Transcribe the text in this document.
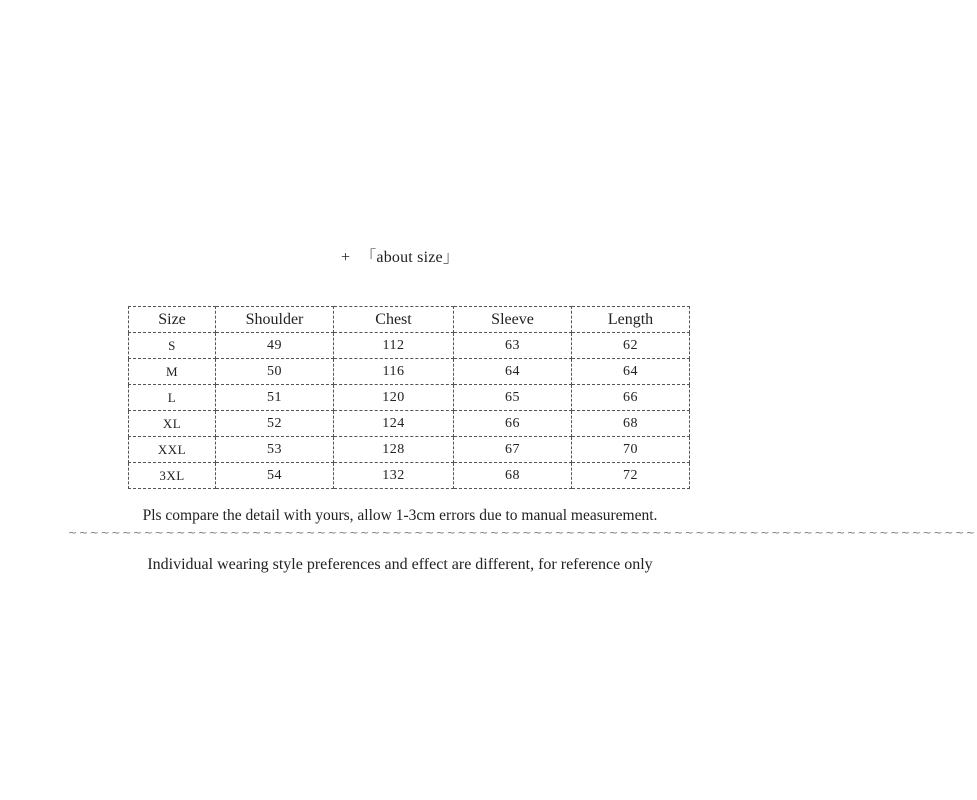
+ 「about size」
Size	Shoulder	Chest	Sleeve	Length
S	49	112	63	62
M	50	116	64	64
L	51	120	65	66
XL	52	124	66	68
XXL	53	128	67	70
3XL	54	132	68	72
Pls compare the detail with yours, allow 1-3cm errors due to manual measurement.
~~~~~~~~~~~~~~~~~~~~~~~~~~~~~~~~~~~~~~~~~~~~~~~~~~~~~~~~~~~~~~~~~~~~~~~~~~~~~~~~~~~~
Individual wearing style preferences and effect are different, for reference only
